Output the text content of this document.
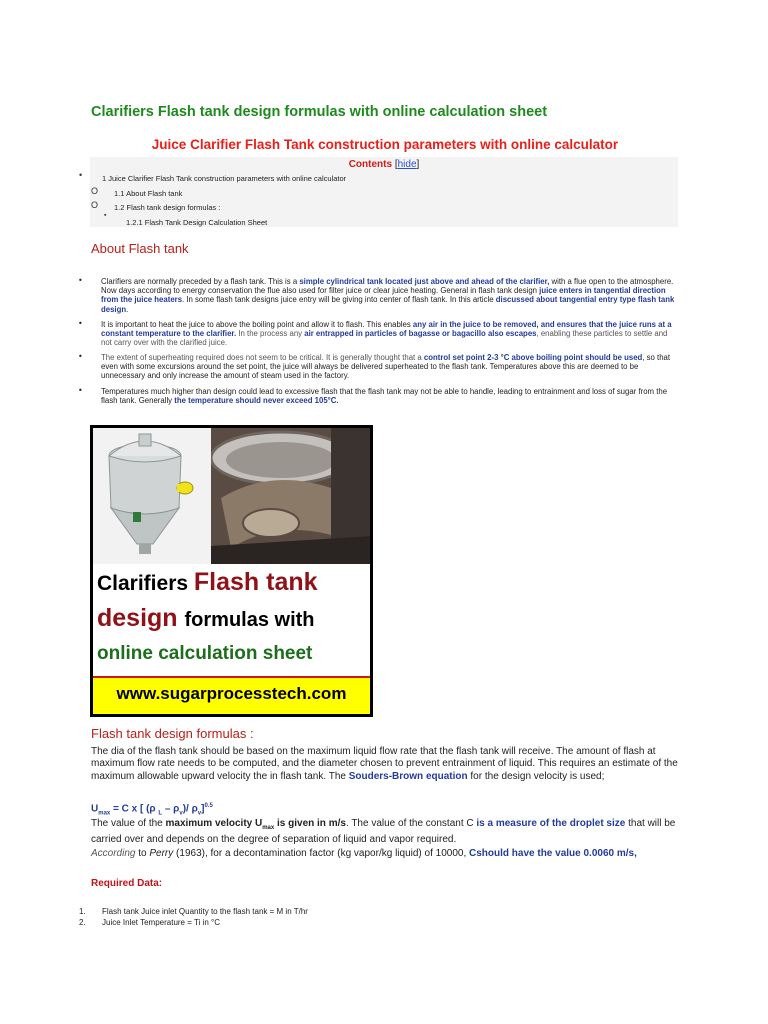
Clarifiers Flash tank design formulas with online calculation sheet
Juice Clarifier Flash Tank construction parameters with online calculator
Contents [hide]
•	1 Juice Clarifier Flash Tank construction parameters with online calculator
O 1.1 About Flash tank
O 1.2 Flash tank design formulas :
▪
1.2.1 Flash Tank Design Calculation Sheet
About Flash tank
• Clarifiers are normally preceded by a flash tank. This is a simple cylindrical tank located just above and ahead of the clarifier, with a flue open to the atmosphere. Now days according to energy conservation the flue also used for filter juice or clear juice heating. General in flash tank design juice enters in tangential direction from the juice heaters. In some flash tank designs juice entry will be giving into center of flash tank. In this article discussed about tangential entry type flash tank design.

• It is important to heat the juice to above the boiling point and allow it to flash. This enables any air in the juice to be removed, and ensures that the juice runs at a constant temperature to the clarifier. In the process any air entrapped in particles of bagasse or bagacillo also escapes, enabling these particles to settle and not carry over with the clarified juice.

• The extent of superheating required does not seem to be critical. It is generally thought that a control set point 2-3 °C above boiling point should be used, so that even with some excursions around the set point, the juice will always be delivered superheated to the flash tank. Temperatures above this are deemed to be unnecessary and only increase the amount of steam used in the factory.

• Temperatures much higher than design could lead to excessive flash that the flash tank may not be able to handle, leading to entrainment and loss of sugar from the flash tank. Generally the temperature should never exceed 105°C.

Clarifiers Flash tank
design formulas with
online calculation sheet
www.sugarprocesstech.com
Flash tank design formulas :

The dia of the flash tank should be based on the maximum liquid flow rate that the flash tank will receive. The amount of flash at maximum flow rate needs to be computed, and the diameter chosen to prevent entrainment of liquid. This requires an estimate of the maximum allowable upward velocity the in flash tank. The Souders-Brown equation for the design velocity is used;

$U_{max} = C$ x [ (ρ $_L - \rho_v)/$ $\rho_v]^{0.5}$

The value of the maximum velocity $U_{max}$ is given in m/s. The value of the constant C is a measure of the droplet size that will be carried over and depends on the degree of separation of liquid and vapor required.

According to Perry (1963), for a decontamination factor (kg vapor/kg liquid) of 10000, Cshould have the value 0.0060 m/s,

Required Data:

1. Flash tank Juice inlet Quantity to the flash tank = M in T/hr
2. Juice Inlet Temperature = Ti in °C
